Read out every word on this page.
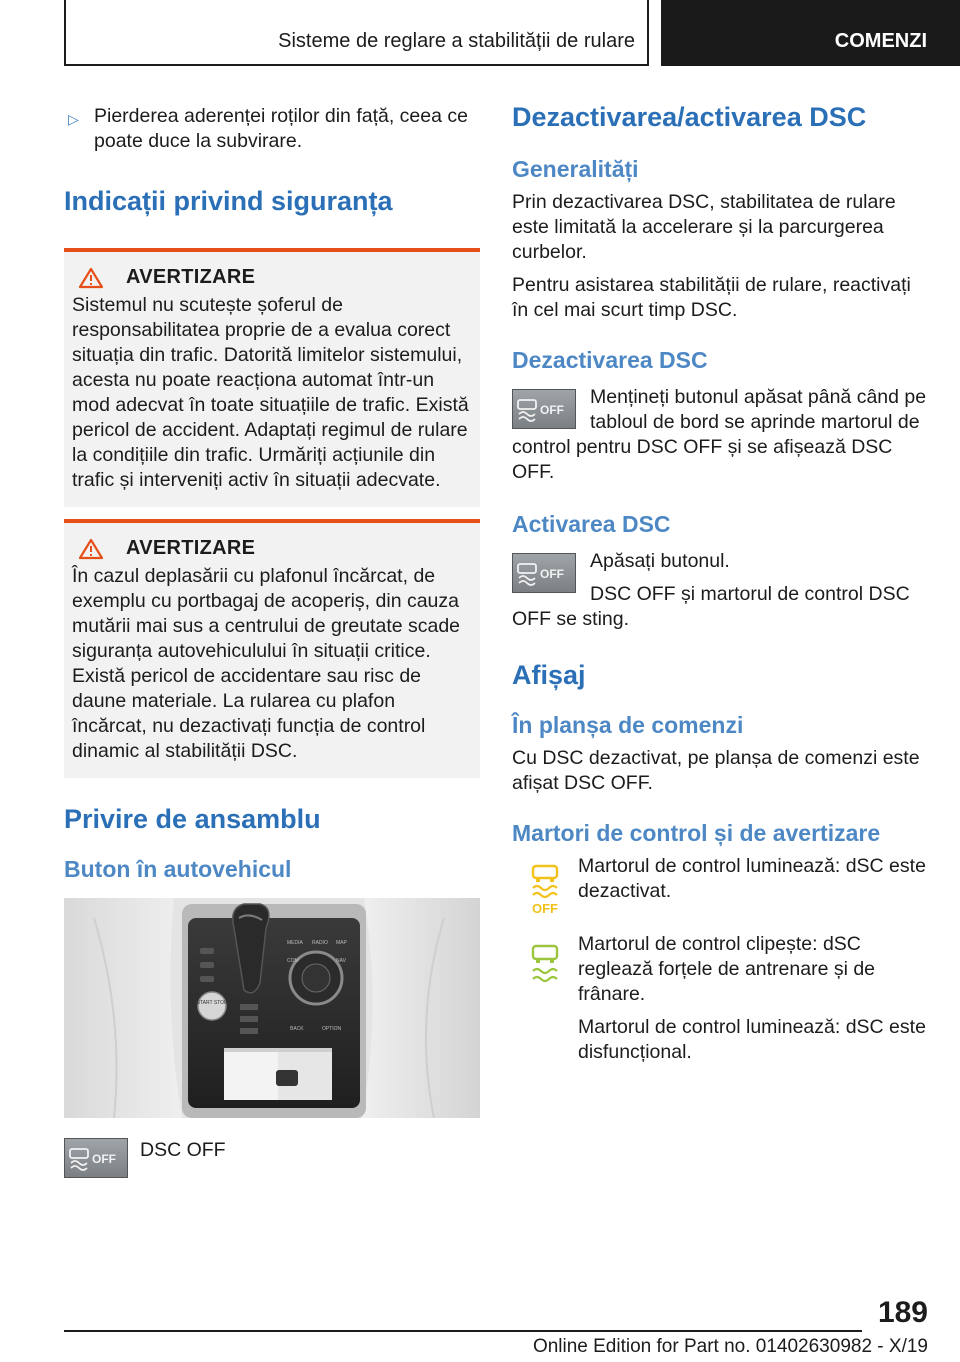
Sisteme de reglare a stabilității de rulare	COMENZI
▷ Pierderea aderenței roților din față, ceea ce poate duce la subvirare.
Indicații privind siguranța
AVERTIZARE
Sistemul nu scutește șoferul de responsabilitatea proprie de a evalua corect situația din trafic. Datorită limitelor sistemului, acesta nu poate reacționa automat într-un mod adecvat în toate situațiile de trafic. Există pericol de accident. Adaptați regimul de rulare la condițiile din trafic. Urmăriți acțiunile din trafic și interveniți activ în situații adecvate.
AVERTIZARE
În cazul deplasării cu plafonul încărcat, de exemplu cu portbagaj de acoperiș, din cauza mutării mai sus a centrului de greutate scade siguranța autovehiculului în situații critice. Există pericol de accidentare sau risc de daune materiale. La rularea cu plafon încărcat, nu dezactivați funcția de control dinamic al stabilității DSC.
Privire de ansamblu
Buton în autovehicul
START STOP
MEDIA RADIO MAP
COM	NAV
BACK	OPTION
OFF DSC OFF
Dezactivarea/activarea DSC
Generalități
Prin dezactivarea DSC, stabilitatea de rulare este limitată la accelerare și la parcurgerea curbelor.
Pentru asistarea stabilității de rulare, reactivați în cel mai scurt timp DSC.
Dezactivarea DSC
OFF
Mențineți butonul apăsat până când pe tabloul de bord se aprinde martorul de control pentru DSC OFF și se afișează DSC OFF.
Activarea DSC
OFF
Apăsați butonul.
DSC OFF și martorul de control DSC OFF se sting.
Afișaj
În planșa de comenzi
Cu DSC dezactivat, pe planșa de comenzi este afișat DSC OFF.
Martori de control și de avertizare
OFF
Martorul de control luminează: dSC este dezactivat.
Martorul de control clipește: dSC reglează forțele de antrenare și de frânare.
Martorul de control luminează: dSC este disfuncțional.
189
Online Edition for Part no. 01402630982 - X/19
